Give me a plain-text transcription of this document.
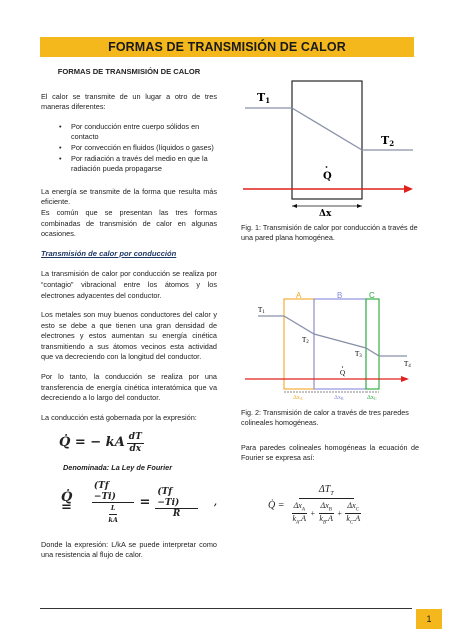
FORMAS DE TRANSMISIÓN DE CALOR
FORMAS DE TRANSMISIÓN DE CALOR

El calor se transmite de un lugar a otro de tres maneras diferentes:

• Por conducción entre cuerpo sólidos en contacto
• Por convección en fluidos (líquidos o gases)
• Por radiación a través del medio en que la radiación pueda propagarse

La energía se transmite de la forma que resulta más eficiente.

Es común que se presentan las tres formas combinadas de transmisión de calor en algunas ocasiones.

Transmisión de calor por conducción

La transmisión de calor por conducción se realiza por “contagio” vibracional entre los átomos y los electrones adyacentes del conductor.

Los metales son muy buenos conductores del calor y esto se debe a que tienen una gran densidad de electrones y estos aumentan su energía cinética transmitiendo a sus átomos vecinos esta actividad que va decreciendo con la longitud del conductor.

Por lo tanto, la conducción se realiza por una transferencia de energía cinética interatómica que va decreciendo a lo largo del conductor.

La conducción está gobernada por la expresión:

Q̇ = − kA $\frac{dT}{dx}$
Denominada: La Ley de Fourier
Q̇ =	$\frac{(Tf -Ti)}{\frac{L}{kA}} = \frac{(Tf -Ti)}{R}$ ,

Donde la expresión: L/kA se puede interpretar como una resistencia al flujo de calor.

T1
T2
Q
Δx
Fig. 1: Transmisión de calor por conducción a través de una pared plana homogénea.
A	B	C
T1
T2
T3
T4
Q
ΔxA	ΔxB	ΔxC
Fig. 2: Transmisión de calor a través de tres paredes colineales homogéneas.
Para paredes colineales homogéneas la ecuación de Fourier se expresa así:
Q̇ =
$\Delta T_T$
$\frac{\Delta x_A}{k_A.A} + \frac{\Delta x_B}{k_B.A} + \frac{\Delta x_C}{k_C.A}$
1
